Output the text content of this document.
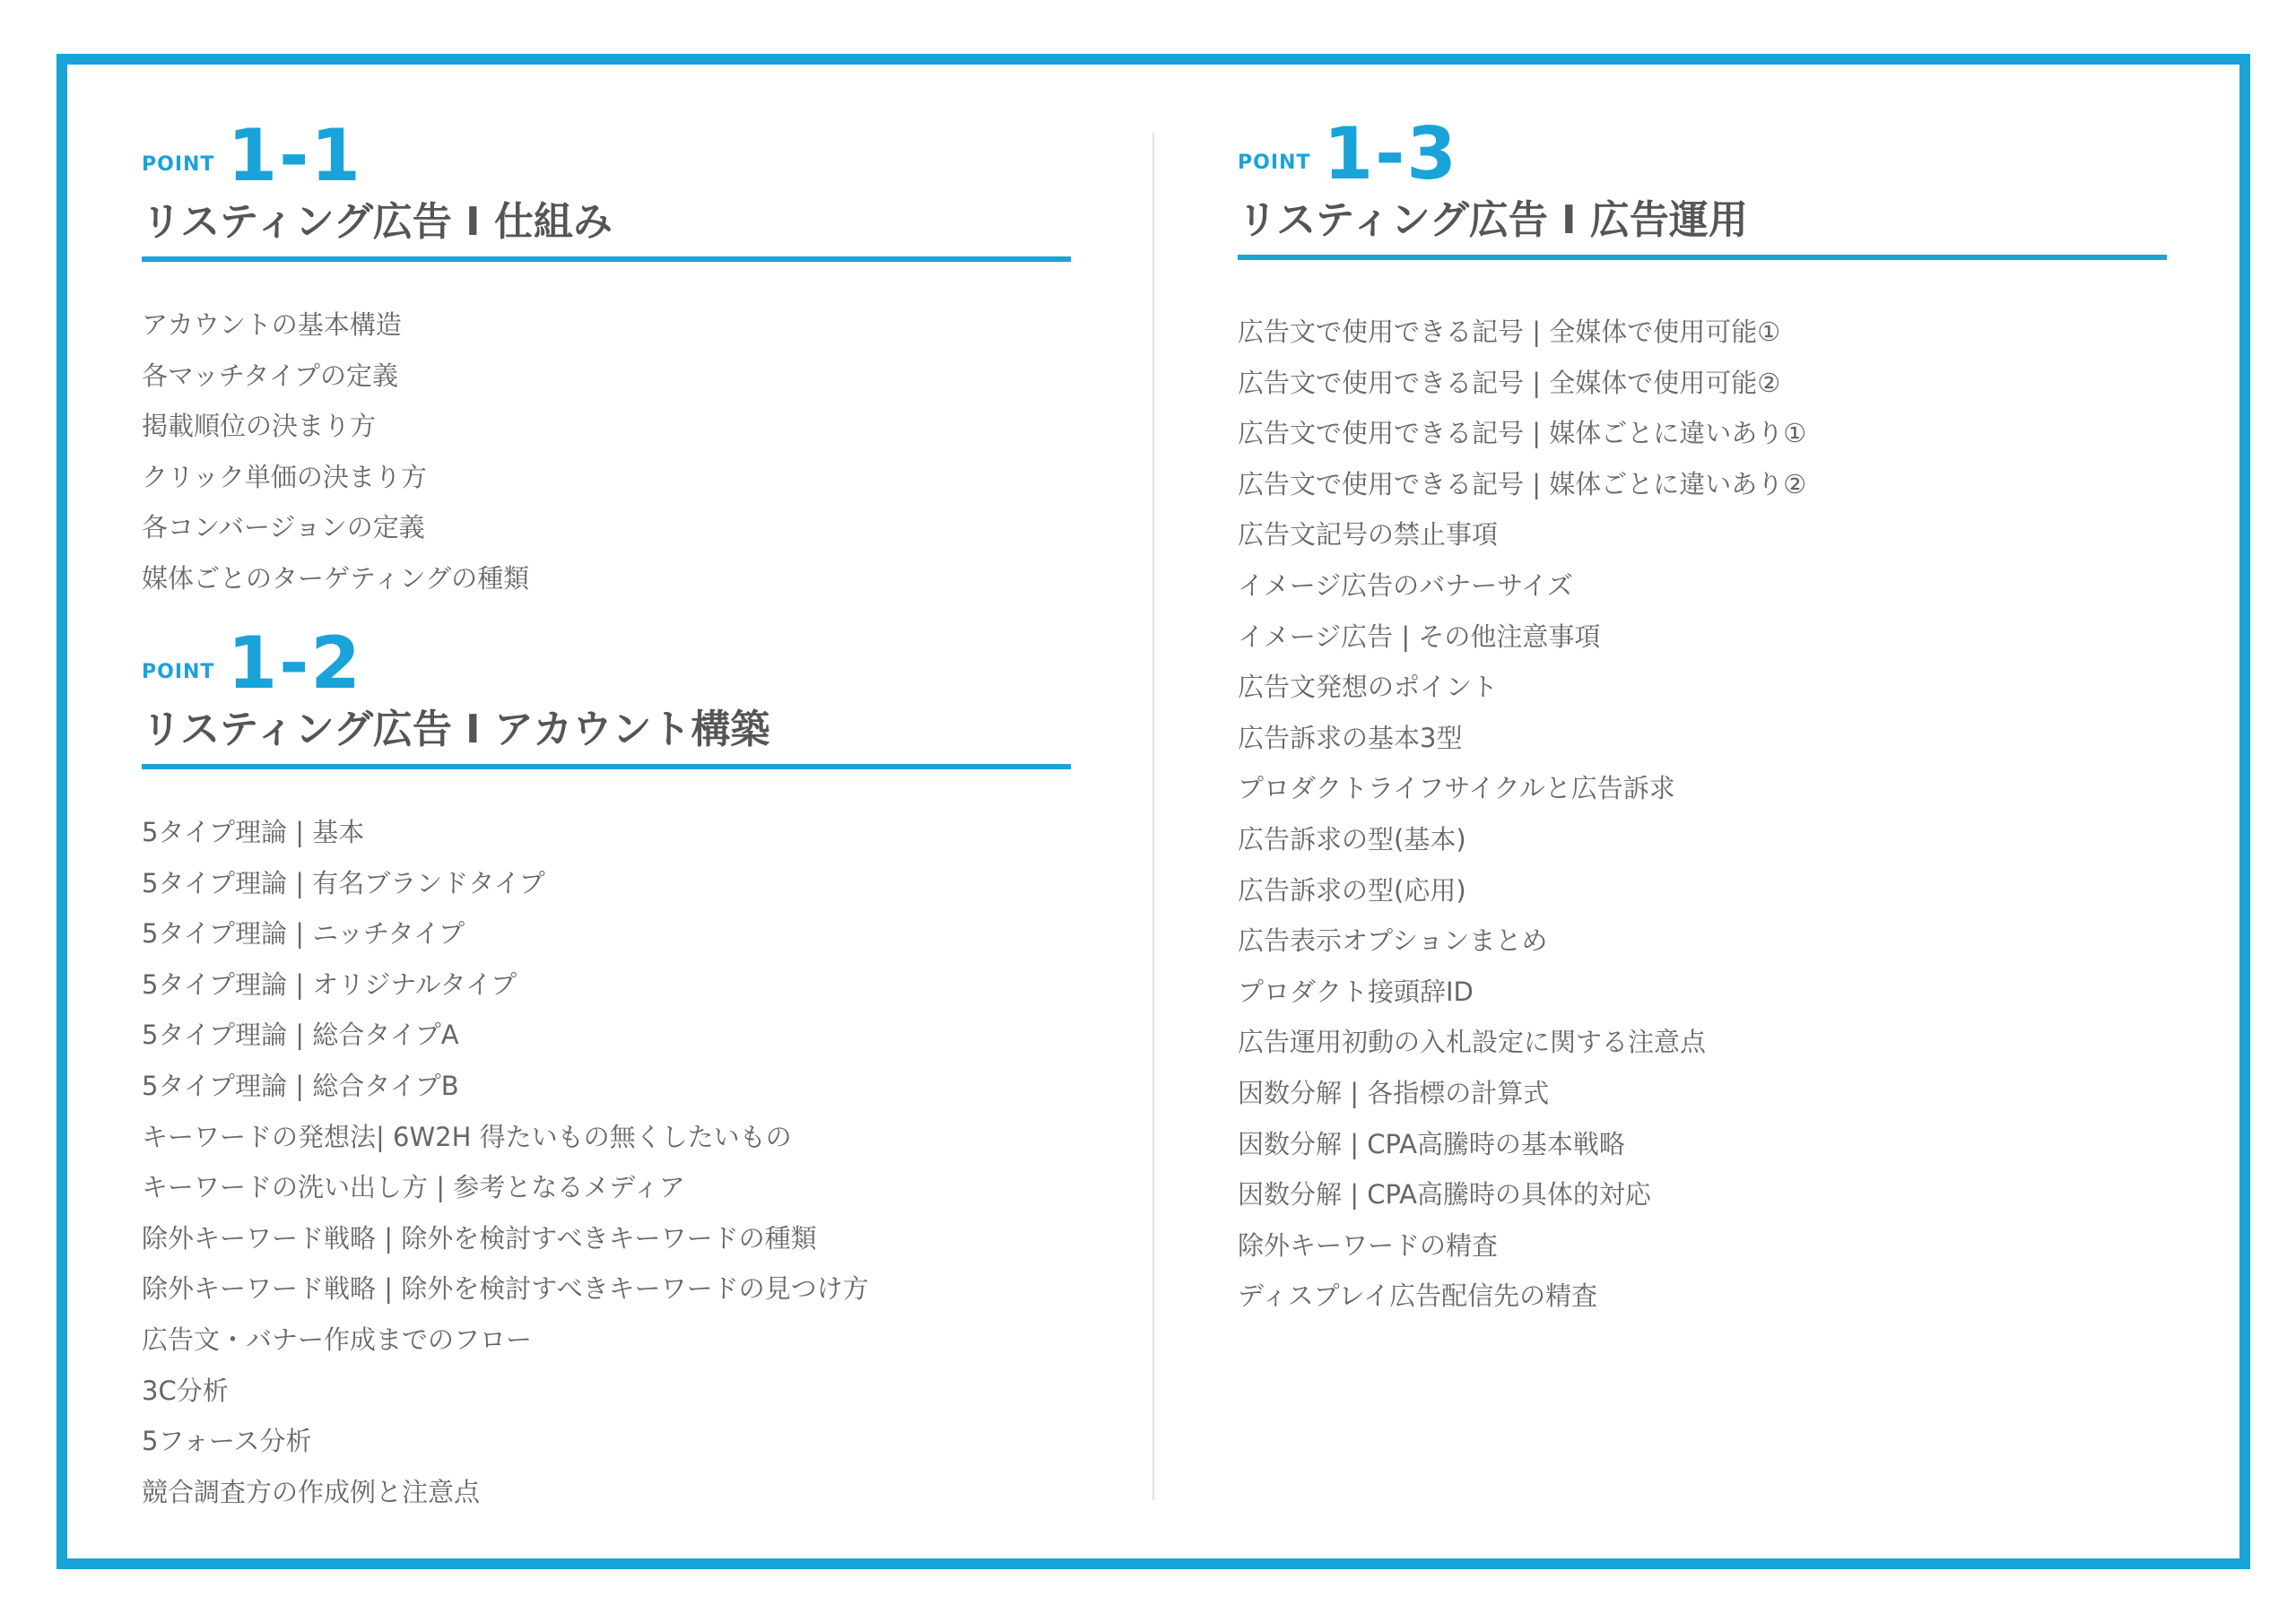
POINT 1-1
リスティング広告 I 仕組み
アカウントの基本構造
各マッチタイプの定義
掲載順位の決まり方
クリック単価の決まり方
各コンバージョンの定義
媒体ごとのターゲティングの種類
POINT 1-2
リスティング広告 I アカウント構築
5タイプ理論 | 基本
5タイプ理論 | 有名ブランドタイプ
5タイプ理論 | ニッチタイプ
5タイプ理論 | オリジナルタイプ
5タイプ理論 | 総合タイプA
5タイプ理論 | 総合タイプB
キーワードの発想法| 6W2H 得たいもの無くしたいもの
キーワードの洗い出し方 | 参考となるメディア
除外キーワード戦略 | 除外を検討すべきキーワードの種類
除外キーワード戦略 | 除外を検討すべきキーワードの見つけ方
広告文・バナー作成までのフロー
3C分析
5フォース分析
競合調査方の作成例と注意点
POINT 1-3
リスティング広告 I 広告運用
広告文で使用できる記号 | 全媒体で使用可能①
広告文で使用できる記号 | 全媒体で使用可能②
広告文で使用できる記号 | 媒体ごとに違いあり①
広告文で使用できる記号 | 媒体ごとに違いあり②
広告文記号の禁止事項
イメージ広告のバナーサイズ
イメージ広告 | その他注意事項
広告文発想のポイント
広告訴求の基本3型
プロダクトライフサイクルと広告訴求
広告訴求の型(基本)
広告訴求の型(応用)
広告表示オプションまとめ
プロダクト接頭辞ID
広告運用初動の入札設定に関する注意点
因数分解 | 各指標の計算式
因数分解 | CPA高騰時の基本戦略
因数分解 | CPA高騰時の具体的対応
除外キーワードの精査
ディスプレイ広告配信先の精査
